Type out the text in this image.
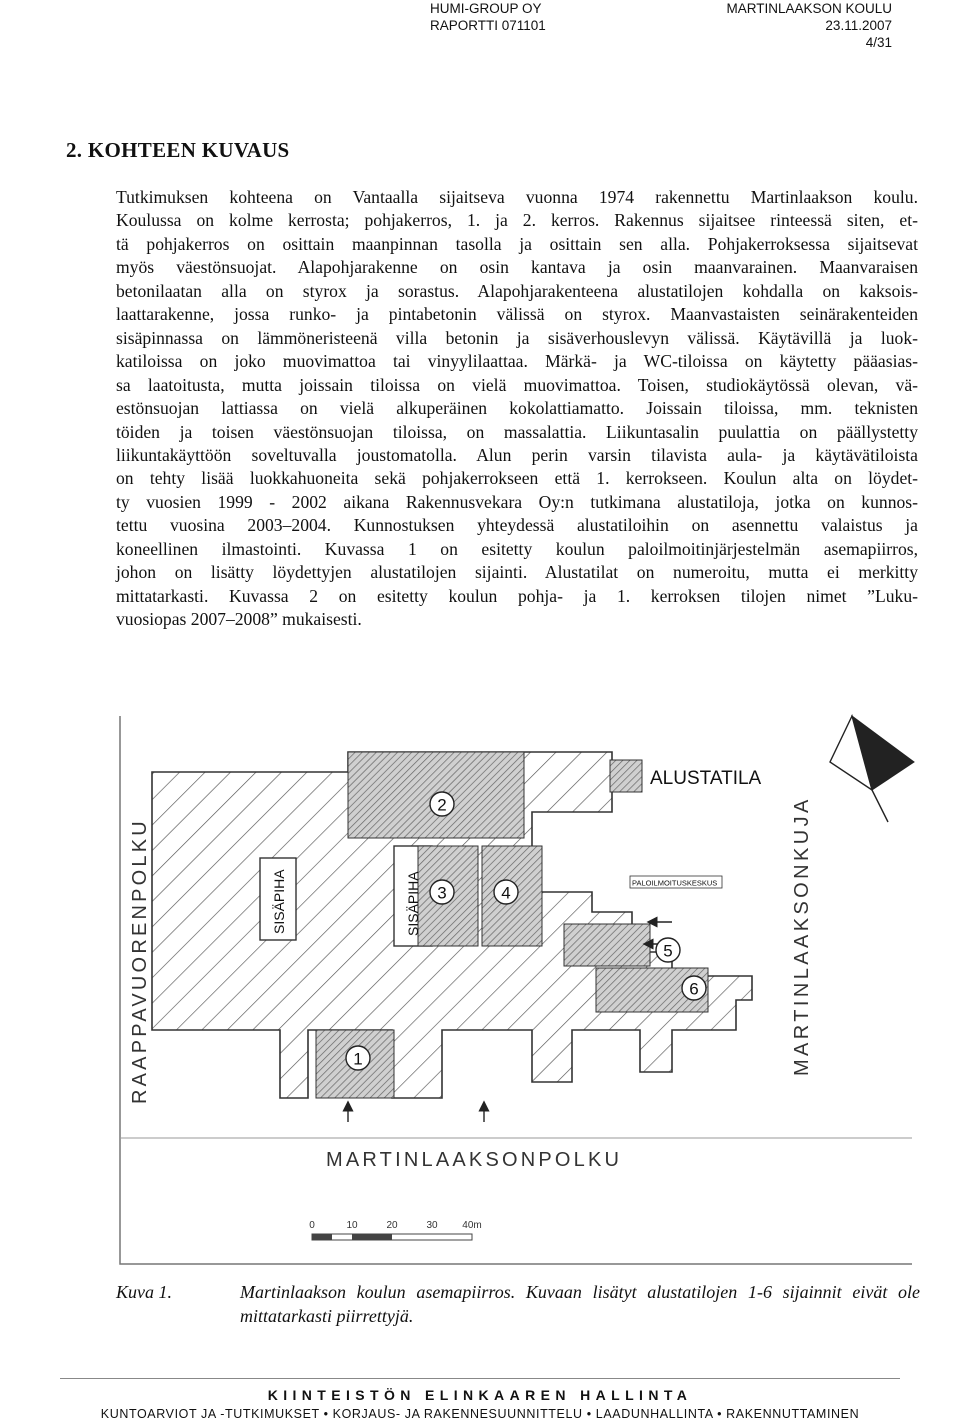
HUMI-GROUP OY
RAPORTTI 071101
MARTINLAAKSON KOULU
23.11.2007
4/31
2. KOHTEEN KUVAUS

Tutkimuksen kohteena on Vantaalla sijaitseva vuonna 1974 rakennettu Martinlaakson koulu.
Koulussa on kolme kerrosta; pohjakerros, 1. ja 2. kerros. Rakennus sijaitsee rinteessä siten, et-
tä pohjakerros on osittain maanpinnan tasolla ja osittain sen alla. Pohjakerroksessa sijaitsevat
myös väestönsuojat. Alapohjarakenne on osin kantava ja osin maanvarainen. Maanvaraisen
betonilaatan alla on styrox ja sorastus. Alapohjarakenteena alustatilojen kohdalla on kaksois-
laattarakenne, jossa runko- ja pintabetonin välissä on styrox. Maanvastaisten seinärakenteiden
sisäpinnassa on lämmöneristeenä villa betonin ja sisäverhouslevyn välissä. Käytävillä ja luok-
katiloissa on joko muovimattoa tai vinyylilaattaa. Märkä- ja WC-tiloissa on käytetty pääasias-
sa laatoitusta, mutta joissain tiloissa on vielä muovimattoa. Toisen, studiokäytössä olevan, vä-
estönsuojan lattiassa on vielä alkuperäinen kokolattiamatto. Joissain tiloissa, mm. teknisten
töiden ja toisen väestönsuojan tiloissa, on massalattia. Liikuntasalin puulattia on päällystetty
liikuntakäyttöön soveltuvalla joustomatolla. Alun perin varsin tilavista aula- ja käytävätiloista
on tehty lisää luokkahuoneita sekä pohjakerrokseen että 1. kerrokseen. Koulun alta on löydet-
ty vuosien 1999 - 2002 aikana Rakennusvekara Oy:n tutkimana alustatiloja, jotka on kunnos-
tettu vuosina 2003–2004. Kunnostuksen yhteydessä alustatiloihin on asennettu valaistus ja
koneellinen ilmastointi. Kuvassa 1 on esitetty koulun paloilmoitinjärjestelmän asemapiirros,
johon on lisätty löydettyjen alustatilojen sijainti. Alustatilat on numeroitu, mutta ei merkitty
mittatarkasti. Kuvassa 2 on esitetty koulun pohja- ja 1. kerroksen tilojen nimet ”Luku-
vuosiopas 2007–2008” mukaisesti.

ALUSTATILA
PALOILMOITUSKESKUS
2
3	4
5
6
1
SISÄPIHA	SISÄPIHA
RAAPPAVUORENPOLKU	MARTINLAAKSONKUJA
MARTINLAAKSONPOLKU
0	10	20	30 40m
Kuva 1.	Martinlaakson koulun asemapiirros. Kuvaan lisätyt alustatilojen 1-6 sijainnit eivät ole mittatarkasti piirrettyjä.
KIINTEISTÖN ELINKAAREN HALLINTA
KUNTOARVIOT JA -TUTKIMUKSET • KORJAUS- JA RAKENNESUUNNITTELU • LAADUNHALLINTA • RAKENNUTTAMINEN
